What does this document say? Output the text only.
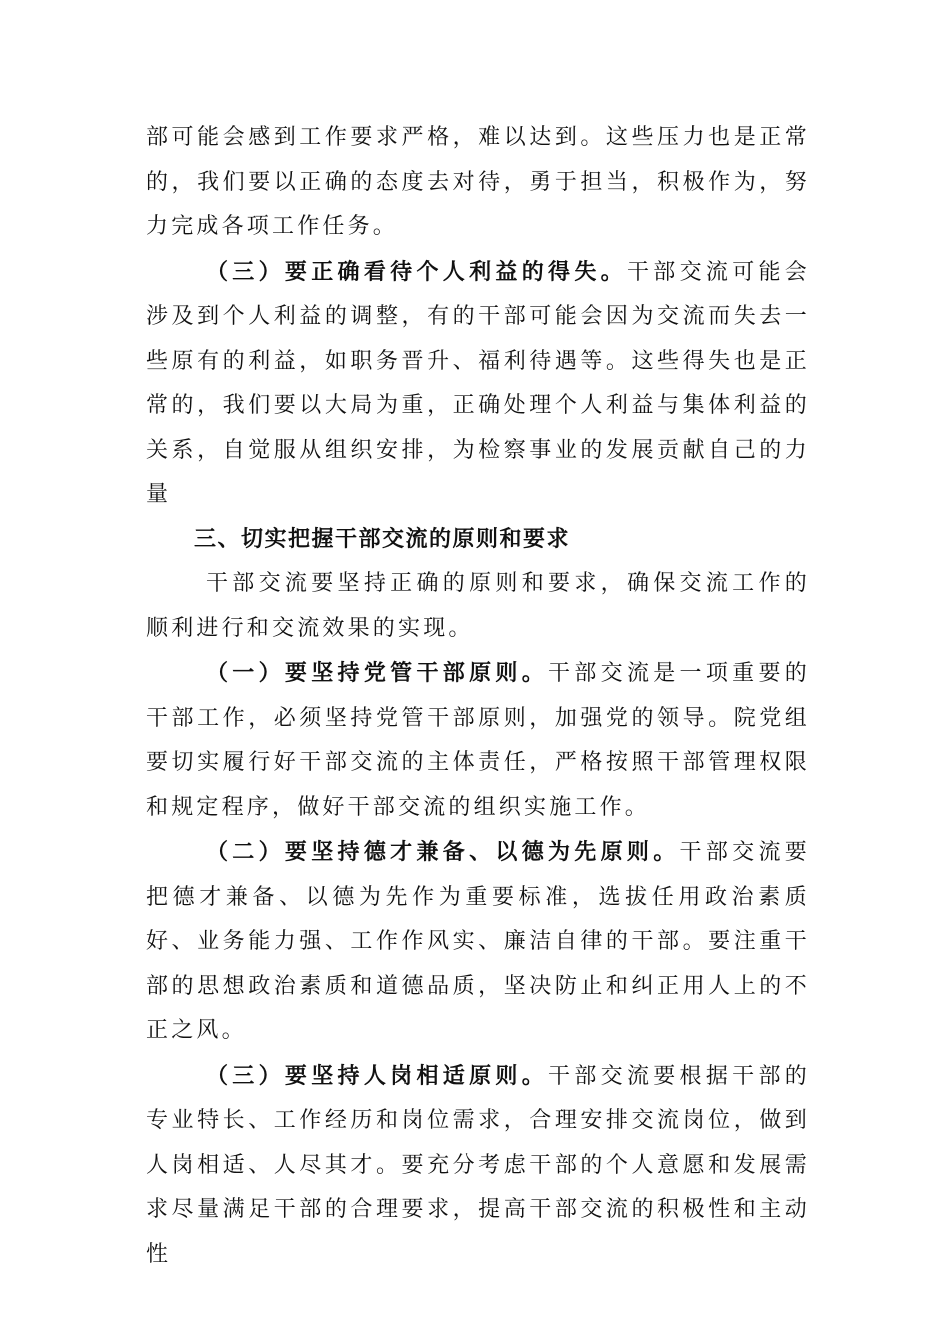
部可能会感到工作要求严格，难以达到。这些压力也是正常的，我们要以正确的态度去对待，勇于担当，积极作为，努力完成各项工作任务。

（三）要正确看待个人利益的得失。干部交流可能会涉及到个人利益的调整，有的干部可能会因为交流而失去一些原有的利益，如职务晋升、福利待遇等。这些得失也是正常的，我们要以大局为重，正确处理个人利益与集体利益的关系，自觉服从组织安排，为检察事业的发展贡献自己的力量

三、切实把握干部交流的原则和要求

干部交流要坚持正确的原则和要求，确保交流工作的顺利进行和交流效果的实现。

（一）要坚持党管干部原则。干部交流是一项重要的干部工作，必须坚持党管干部原则，加强党的领导。院党组要切实履行好干部交流的主体责任，严格按照干部管理权限和规定程序，做好干部交流的组织实施工作。

（二）要坚持德才兼备、以德为先原则。干部交流要把德才兼备、以德为先作为重要标准，选拔任用政治素质好、业务能力强、工作作风实、廉洁自律的干部。要注重干部的思想政治素质和道德品质，坚决防止和纠正用人上的不正之风。

（三）要坚持人岗相适原则。干部交流要根据干部的专业特长、工作经历和岗位需求，合理安排交流岗位，做到人岗相适、人尽其才。要充分考虑干部的个人意愿和发展需求尽量满足干部的合理要求，提高干部交流的积极性和主动性
